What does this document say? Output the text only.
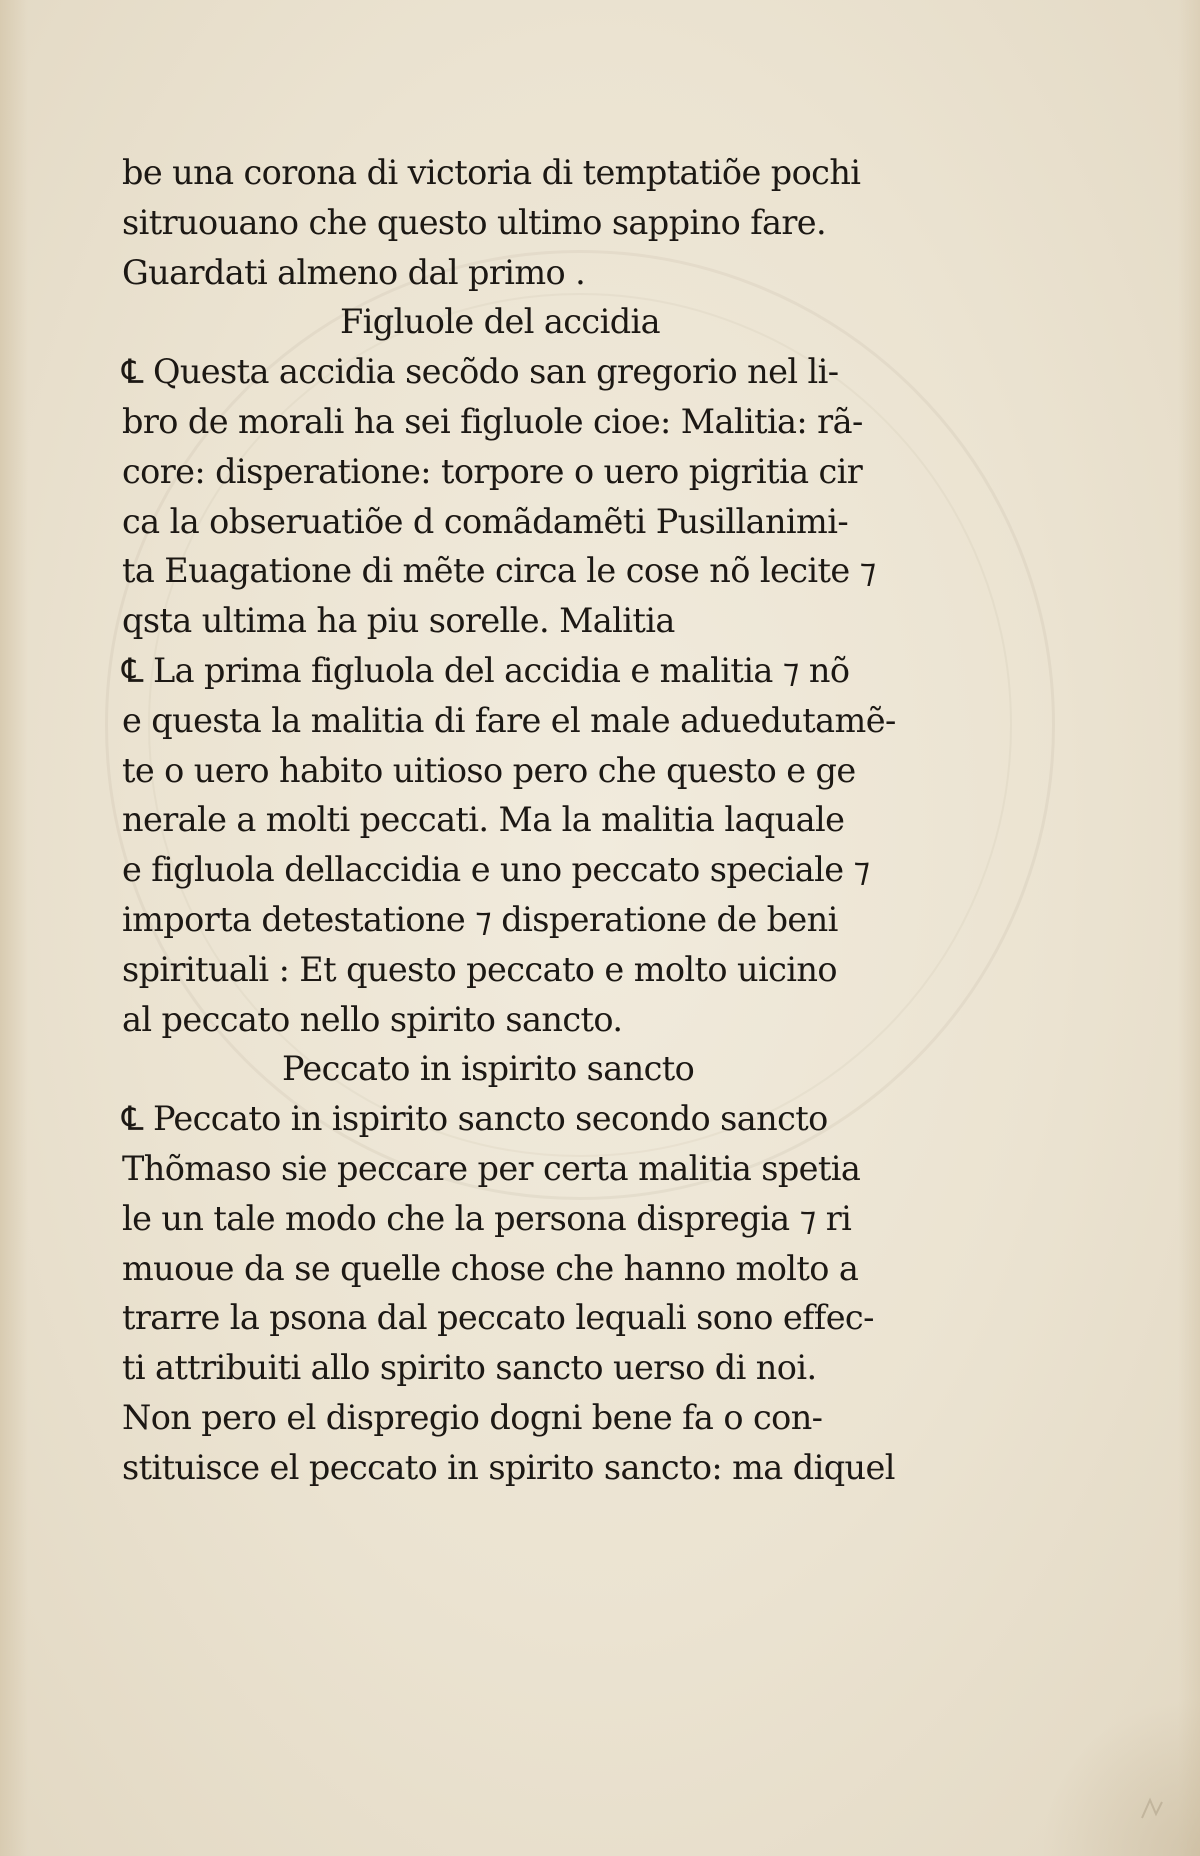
be una corona di victoria di temptatiõe pochi
sitruouano che questo ultimo sappino fare.
Guardati almeno dal primo .
Figluole del accidia
℄ Questa accidia secõdo san gregorio nel li-
bro de morali ha sei figluole cioe: Malitia: rã-
core: disperatione: torpore o uero pigritia cir
ca la obseruatiõe d comãdamẽti Pusillanimi-
ta Euagatione di mẽte circa le cose nõ lecite ⁊
qsta ultima ha piu sorelle. Malitia
℄ La prima figluola del accidia e malitia ⁊ nõ
e questa la malitia di fare el male aduedutamẽ-
te o uero habito uitioso pero che questo e ge
nerale a molti peccati. Ma la malitia laquale
e figluola dellaccidia e uno peccato speciale ⁊
importa detestatione ⁊ disperatione de beni
spirituali : Et questo peccato e molto uicino
al peccato nello spirito sancto.
Peccato in ispirito sancto
℄ Peccato in ispirito sancto secondo sancto
Thõmaso sie peccare per certa malitia spetia
le un tale modo che la persona dispregia ⁊ ri
muoue da se quelle chose che hanno molto a
trarre la psona dal peccato lequali sono effec-
ti attribuiti allo spirito sancto uerso di noi.
Non pero el dispregio dogni bene fa o con-
stituisce el peccato in spirito sancto: ma diquel
